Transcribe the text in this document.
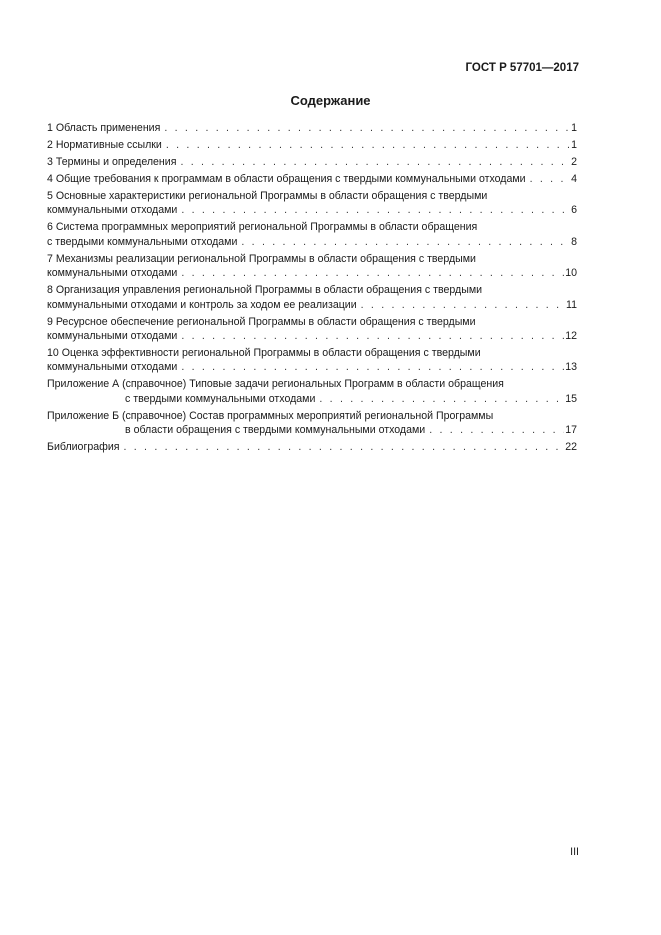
ГОСТ Р 57701—2017
Содержание
1 Область применения . . .	1
2 Нормативные ссылки . . .	1
3 Термины и определения . . .	2
4 Общие требования к программам в области обращения с твердыми коммунальными отходами . . .	4
5 Основные характеристики региональной Программы в области обращения с твердыми
коммунальными отходами . . .	6
6 Система программных мероприятий региональной Программы в области обращения
с твердыми коммунальными отходами . . .	8
7 Механизмы реализации региональной Программы в области обращения с твердыми
коммунальными отходами . . .	10
8 Организация управления региональной Программы в области обращения с твердыми
коммунальными отходами и контроль за ходом ее реализации . . .	11
9 Ресурсное обеспечение региональной Программы в области обращения с твердыми
коммунальными отходами . . .	12
10 Оценка эффективности региональной Программы в области обращения с твердыми
коммунальными отходами . . .	13
Приложение А (справочное) Типовые задачи региональных Программ в области обращения
с твердыми коммунальными отходами . . .	15
Приложение Б (справочное) Состав программных мероприятий региональной Программы
в области обращения с твердыми коммунальными отходами . . .	17
Библиография . . .	22
III
